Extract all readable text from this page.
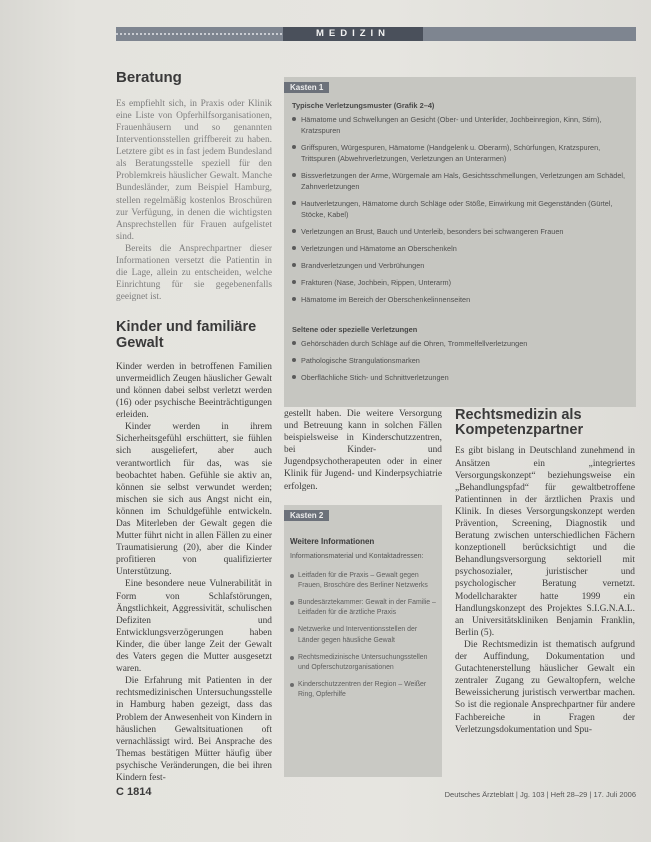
MEDIZIN
Beratung

Es empfiehlt sich, in Praxis oder Klinik eine Liste von Opferhilfsorganisationen, Frauenhäusern und so genannten Interventionsstellen griffbereit zu haben. Letztere gibt es in fast jedem Bundesland als Beratungsstelle speziell für den Problemkreis häuslicher Gewalt. Manche Bundesländer, zum Beispiel Hamburg, stellen regelmäßig kostenlos Broschüren zur Verfügung, in denen die wichtigsten Ansprechstellen für Frauen aufgelistet sind.

Bereits die Ansprechpartner dieser Informationen versetzt die Patientin in die Lage, allein zu entscheiden, welche Einrichtung für sie gegebenenfalls geeignet ist.

Kinder und familiäre Gewalt

Kinder werden in betroffenen Familien unvermeidlich Zeugen häuslicher Gewalt und können dabei selbst verletzt werden (16) oder psychische Beeinträchtigungen erleiden.

Kinder werden in ihrem Sicherheitsgefühl erschüttert, sie fühlen sich ausgeliefert, aber auch verantwortlich für das, was sie beobachtet haben. Gefühle sie aktiv an, können sie selbst verwundet werden; mischen sie sich aus Angst nicht ein, können im Schuldgefühle entwickeln. Das Miterleben der Gewalt gegen die Mutter führt nicht in allen Fällen zu einer Traumatisierung (20), aber die Kinder profitieren von qualifizierter Unterstützung.

Eine besondere neue Vulnerabilität in Form von Schlafstörungen, Ängstlichkeit, Aggressivität, schulischen Defiziten und Entwicklungsverzögerungen haben Kinder, die über lange Zeit der Gewalt des Vaters gegen die Mutter ausgesetzt waren.

Die Erfahrung mit Patienten in der rechtsmedizinischen Untersuchungsstelle in Hamburg haben gezeigt, dass das Problem der Anwesenheit von Kindern in häuslichen Gewaltsituationen oft vernachlässigt wird. Bei Ansprache des Themas bestätigen Mütter häufig über psychische Veränderungen, die bei ihren Kindern fest-

Kasten 1

Typische Verletzungsmuster (Grafik 2–4)

Hämatome und Schwellungen an Gesicht (Ober- und Unterlider, Jochbeinregion, Kinn, Stirn), Kratzspuren
Griffspuren, Würgespuren, Hämatome (Handgelenk u. Oberarm), Schürfungen, Kratzspuren, Trittspuren (Abwehrverletzungen, Verletzungen an Unterarmen)
Bissverletzungen der Arme, Würgemale am Hals, Gesichtsschmellungen, Verletzungen am Schädel, Zahnverletzungen
Hautverletzungen, Hämatome durch Schläge oder Stöße, Einwirkung mit Gegenständen (Gürtel, Stöcke, Kabel)
Verletzungen an Brust, Bauch und Unterleib, besonders bei schwangeren Frauen
Verletzungen und Hämatome an Oberschenkeln
Brandverletzungen und Verbrühungen
Frakturen (Nase, Jochbein, Rippen, Unterarm)
Hämatome im Bereich der Oberschenkelinnenseiten

Seltene oder spezielle Verletzungen

Gehörschäden durch Schläge auf die Ohren, Trommelfellverletzungen
Pathologische Strangulationsmarken
Oberflächliche Stich- und Schnittverletzungen

gestellt haben. Die weitere Versorgung und Betreuung kann in solchen Fällen beispielsweise in Kinderschutzzentren, bei Kinder- und Jugendpsychotherapeuten oder in einer Klinik für Jugend- und Kinderpsychiatrie erfolgen.

Kasten 2
Weitere Informationen

Informationsmaterial und Kontaktadressen:

Leitfaden für die Praxis – Gewalt gegen Frauen, Broschüre des Berliner Netzwerks
Bundesärztekammer: Gewalt in der Familie – Leitfaden für die ärztliche Praxis
Netzwerke und Interventionsstellen der Länder gegen häusliche Gewalt
Rechtsmedizinische Untersuchungsstellen und Opferschutzorganisationen
Kinderschutzzentren der Region – Weißer Ring, Opferhilfe
Rechtsmedizin als Kompetenzpartner

Es gibt bislang in Deutschland zunehmend in Ansätzen ein „integriertes Versorgungskonzept“ beziehungsweise ein „Behandlungspfad“ für gewaltbetroffene Patientinnen in der ärztlichen Praxis und Klinik. In dieses Versorgungskonzept werden Prävention, Screening, Diagnostik und Beratung zwischen unterschiedlichen Fächern konzeptionell berücksichtigt und die Behandlungsversorgung sektoriell mit psychosozialer, juristischer und psychologischer Beratung vernetzt. Modellcharakter hatte 1999 ein Handlungskonzept des Projektes S.I.G.N.A.L. an Universitätskliniken Benjamin Franklin, Berlin (5).

Die Rechtsmedizin ist thematisch aufgrund der Auffindung, Dokumentation und Gutachtenerstellung häuslicher Gewalt ein zentraler Zugang zu Gewaltopfern, welche Beweissicherung juristisch verwertbar machen. So ist die regionale Ansprechpartner für andere Fachbereiche in Fragen der Verletzungsdokumentation und Spu-

C 1814	Deutsches Ärzteblatt | Jg. 103 | Heft 28–29 | 17. Juli 2006
